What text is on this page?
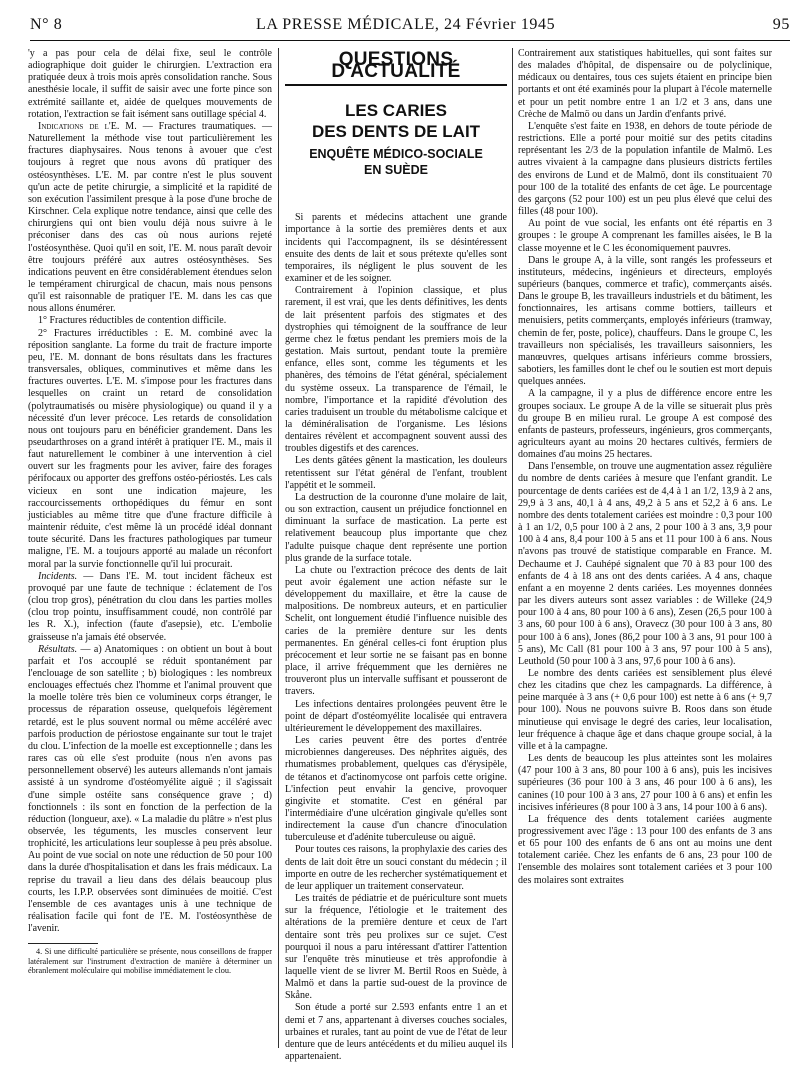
N° 8	LA PRESSE MÉDICALE, 24 Février 1945	95

'y a pas pour cela de délai fixe, seul le contrôle adiographique doit guider le chirurgien. L'extraction era pratiquée deux à trois mois après consolidation ranche. Sous anesthésie locale, il suffit de saisir avec une forte pince son extrémité saillante et, aidée de quelques mouvements de rotation, l'extraction se fait isément sans outillage spécial 4.

Indications de l'E. M. — Fractures traumatiques. — Naturellement la méthode vise tout particulièrement les fractures diaphysaires. Nous tenons à avouer que c'est toujours à regret que nous avons dû pratiquer des ostéosynthèses. L'E. M. par contre n'est le plus souvent qu'un acte de petite chirurgie, a simplicité et la rapidité de son exécution l'assimilent presque à la pose d'une broche de Kirschner. Cela explique notre tendance, ainsi que celle des chirurgiens qui ont bien voulu déjà nous suivre à le préconiser dans des cas où nous aurions rejeté l'ostéosynthèse. Quoi qu'il en soit, l'E. M. nous paraît devoir être toujours préféré aux autres ostéosynthèses. Ses indications peuvent en être considérablement étendues selon le tempérament chirurgical de chacun, mais nous pensons qu'il est raisonnable de pratiquer l'E. M. dans les cas que nous allons énumérer.

1° Fractures réductibles de contention difficile.

2° Fractures irréductibles : E. M. combiné avec la réposition sanglante. La forme du trait de fracture importe peu, l'E. M. donnant de bons résultats dans les fractures transversales, obliques, comminutives et même dans les fractures ouvertes. L'E. M. s'impose pour les fractures dans lesquelles on craint un retard de consolidation (polytraumatisés ou misère physiologique) ou quand il y a nécessité d'un lever précoce. Les retards de consolidation nous ont toujours paru en bénéficier grandement. Dans les pseudarthroses on a grand intérêt à pratiquer l'E. M., mais il faut naturellement le combiner à une intervention à ciel ouvert sur les fragments pour les aviver, faire des forages périfocaux ou apporter des greffons ostéo-périostés. Les cals vicieux en sont une indication majeure, les raccourcissements orthopédiques du fémur en sont justiciables au même titre que d'une fracture difficile à maintenir réduite, c'est même là un procédé idéal donnant toute sécurité. Dans les fractures pathologiques par tumeur maligne, l'E. M. a toujours apporté au malade un réconfort moral par la survie fonctionnelle qu'il lui procurait.

Incidents. — Dans l'E. M. tout incident fâcheux est provoqué par une faute de technique : éclatement de l'os (clou trop gros), pénétration du clou dans les parties molles (clou trop pointu, insuffisamment coudé, non contrôlé par les R. X.), infection (faute d'asepsie), etc. L'embolie graisseuse n'a jamais été observée.

Résultats. — a) Anatomiques : on obtient un bout à bout parfait et l'os accouplé se réduit spontanément par l'enclouage de son satellite ; b) biologiques : les nombreux enclouages effectués chez l'homme et l'animal prouvent que la moelle tolère très bien ce volumineux corps étranger, le processus de réparation osseuse, quelquefois légèrement retardé, est le plus souvent normal ou même accéléré avec parfois production de périostose engainante sur tout le trajet du clou. L'infection de la moelle est exceptionnelle ; dans les rares cas où elle s'est produite (nous n'en avons pas personnellement observé) les auteurs allemands n'ont jamais assisté à un syndrome d'ostéomyélite aiguë ; il s'agissait d'une simple ostéite sans conséquence grave ; d) fonctionnels : ils sont en fonction de la perfection de la réduction (longueur, axe). « La maladie du plâtre » n'est plus observée, les téguments, les muscles conservent leur trophicité, les articulations leur souplesse à peu près absolue. Au point de vue social on note une réduction de 50 pour 100 dans la durée d'hospitalisation et dans les frais médicaux. La reprise du travail a lieu dans des délais beaucoup plus courts, les I.P.P. observées sont diminuées de moitié. C'est l'ensemble de ces avantages unis à une technique de réalisation facile qui font de l'E. M. l'ostéosynthèse de l'avenir.

4. Si une difficulté particulière se présente, nous conseillons de frapper latéralement sur l'instrument d'extraction de manière à déterminer un ébranlement moléculaire qui mobilise immédiatement le clou.
QUESTIONS D'ACTUALITÉ
LES CARIES
DES DENTS DE LAIT
ENQUÊTE MÉDICO-SOCIALE
EN SUÈDE

Si parents et médecins attachent une grande importance à la sortie des premières dents et aux incidents qui l'accompagnent, ils se désintéressent ensuite des dents de lait et sous prétexte qu'elles sont temporaires, ils négligent le plus souvent de les examiner et de les soigner.

Contrairement à l'opinion classique, et plus rarement, il est vrai, que les dents définitives, les dents de lait présentent parfois des stigmates et des dystrophies qui témoignent de la souffrance de leur germe chez le fœtus pendant les premiers mois de la gestation. Mais surtout, pendant toute la première enfance, elles sont, comme les téguments et les phanères, des témoins de l'état général, spécialement du système osseux. La transparence de l'émail, le nombre, l'importance et la rapidité d'évolution des caries traduisent un trouble du métabolisme calcique et la déminéralisation de l'organisme. Les lésions dentaires révèlent et accompagnent souvent aussi des troubles digestifs et des carences.

Les dents gâtées gênent la mastication, les douleurs retentissent sur l'état général de l'enfant, troublent l'appétit et le sommeil.

La destruction de la couronne d'une molaire de lait, ou son extraction, causent un préjudice fonctionnel en diminuant la surface de mastication. La perte est relativement beaucoup plus importante que chez l'adulte puisque chaque dent représente une portion plus grande de la surface totale.

La chute ou l'extraction précoce des dents de lait peut avoir également une action néfaste sur le développement du maxillaire, et être la cause de malpositions. De nombreux auteurs, et en particulier Schelit, ont longuement étudié l'influence nuisible des caries de la première denture sur les dents permanentes. En général celles-ci font éruption plus précocement et leur sortie ne se faisant pas en bonne place, il arrive fréquemment que les dernières ne trouveront plus un intervalle suffisant et pousseront de travers.

Les infections dentaires prolongées peuvent être le point de départ d'ostéomyélite localisée qui entravera ultérieurement le développement des maxillaires.

Les caries peuvent être des portes d'entrée microbiennes dangereuses. Des néphrites aiguës, des rhumatismes probablement, quelques cas d'érysipèle, de tétanos et d'actinomycose ont parfois cette origine. L'infection peut envahir la gencive, provoquer gingivite et stomatite. C'est en général par l'intermédiaire d'une ulcération gingivale qu'elles sont indirectement la cause d'un chancre d'inoculation tuberculeuse et d'adénite tuberculeuse ou aiguë.

Pour toutes ces raisons, la prophylaxie des caries des dents de lait doit être un souci constant du médecin ; il importe en outre de les rechercher systématiquement et de leur appliquer un traitement conservateur.

Les traités de pédiatrie et de puériculture sont muets sur la fréquence, l'étiologie et le traitement des altérations de la première denture et ceux de l'art dentaire sont très peu prolixes sur ce sujet. C'est pourquoi il nous a paru intéressant d'attirer l'attention sur l'enquête très minutieuse et très approfondie à laquelle vient de se livrer M. Bertil Roos en Suède, à Malmö et dans la partie sud-ouest de la province de Skåne.

Son étude a porté sur 2.593 enfants entre 1 an et demi et 7 ans, appartenant à diverses couches sociales, urbaines et rurales, tant au point de vue de l'état de leur denture que de leurs antécédents et du milieu auquel ils appartenaient.

Contrairement aux statistiques habituelles, qui sont faites sur des malades d'hôpital, de dispensaire ou de polyclinique, médicaux ou dentaires, tous ces sujets étaient en principe bien portants et ont été examinés pour la plupart à l'école maternelle et pour un petit nombre entre 1 an 1/2 et 3 ans, dans une Crèche de Malmö ou dans un Jardin d'enfants privé.

L'enquête s'est faite en 1938, en dehors de toute période de restrictions. Elle a porté pour moitié sur des petits citadins représentant les 2/3 de la population infantile de Malmö. Les autres vivaient à la campagne dans plusieurs districts fertiles des environs de Lund et de Malmö, dont ils constituaient 70 pour 100 de la totalité des enfants de cet âge. Le pourcentage des garçons (52 pour 100) est un peu plus élevé que celui des filles (48 pour 100).

Au point de vue social, les enfants ont été répartis en 3 groupes : le groupe A comprenant les familles aisées, le B la classe moyenne et le C les économiquement pauvres.

Dans le groupe A, à la ville, sont rangés les professeurs et instituteurs, médecins, ingénieurs et directeurs, employés supérieurs (banques, commerce et trafic), commerçants aisés. Dans le groupe B, les travailleurs industriels et du bâtiment, les fonctionnaires, les artisans comme bottiers, tailleurs et menuisiers, petits commerçants, employés inférieurs (tramway, chemin de fer, poste, police), chauffeurs. Dans le groupe C, les travailleurs non spécialisés, les travailleurs saisonniers, les manœuvres, quelques artisans inférieurs comme brossiers, sabotiers, les familles dont le chef ou le soutien est mort depuis quelques années.

A la campagne, il y a plus de différence encore entre les groupes sociaux. Le groupe A de la ville se situerait plus près du groupe B en milieu rural. Le groupe A est composé des enfants de pasteurs, professeurs, ingénieurs, gros commerçants, agriculteurs ayant au moins 20 hectares cultivés, fermiers de domaines d'au moins 25 hectares.

Dans l'ensemble, on trouve une augmentation assez régulière du nombre de dents cariées à mesure que l'enfant grandit. Le pourcentage de dents cariées est de 4,4 à 1 an 1/2, 13,9 à 2 ans, 29,9 à 3 ans, 40,1 à 4 ans, 49,2 à 5 ans et 52,2 à 6 ans. Le nombre des dents totalement cariées est moindre : 0,3 pour 100 à 1 an 1/2, 0,5 pour 100 à 2 ans, 2 pour 100 à 3 ans, 3,9 pour 100 à 4 ans, 8,4 pour 100 à 5 ans et 11 pour 100 à 6 ans. Nous n'avons pas trouvé de statistique comparable en France. M. Dechaume et J. Cauhépé signalent que 70 à 83 pour 100 des enfants de 4 à 18 ans ont des dents cariées. A 4 ans, chaque enfant a en moyenne 2 dents cariées. Les moyennes données par les divers auteurs sont assez variables : de Willeke (24,9 pour 100 à 4 ans, 80 pour 100 à 6 ans), Zesen (26,5 pour 100 à 3 ans, 60 pour 100 à 6 ans), Oravecz (30 pour 100 à 3 ans, 80 pour 100 à 6 ans), Jones (86,2 pour 100 à 3 ans, 91 pour 100 à 5 ans), Mc Call (81 pour 100 à 3 ans, 97 pour 100 à 5 ans), Leuthold (50 pour 100 à 3 ans, 97,6 pour 100 à 6 ans).

Le nombre des dents cariées est sensiblement plus élevé chez les citadins que chez les campagnards. La différence, à peine marquée à 3 ans (+ 0,6 pour 100) est nette à 6 ans (+ 9,7 pour 100). Nous ne pouvons suivre B. Roos dans son étude minutieuse qui envisage le degré des caries, leur localisation, leur fréquence à chaque âge et dans chaque groupe social, à la ville et à la campagne.

Les dents de beaucoup les plus atteintes sont les molaires (47 pour 100 à 3 ans, 80 pour 100 à 6 ans), puis les incisives supérieures (36 pour 100 à 3 ans, 46 pour 100 à 6 ans), les canines (10 pour 100 à 3 ans, 27 pour 100 à 6 ans) et enfin les incisives inférieures (8 pour 100 à 3 ans, 14 pour 100 à 6 ans).

La fréquence des dents totalement cariées augmente progressivement avec l'âge : 13 pour 100 des enfants de 3 ans et 65 pour 100 des enfants de 6 ans ont au moins une dent totalement cariée. Chez les enfants de 6 ans, 23 pour 100 de l'ensemble des molaires sont totalement cariées et 3 pour 100 des molaires sont extraites
